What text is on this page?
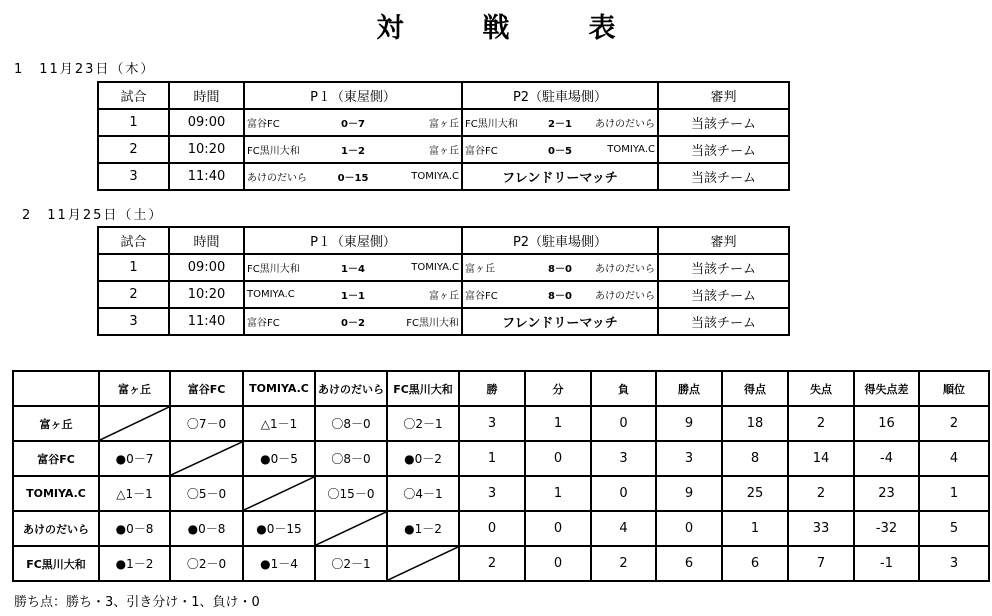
対　戦　表
1　11月23日（木）
試合	時間	P１（東屋側）	P2（駐車場側）	審判
1	09:00	富谷FC 0－7 富ヶ丘	FC黒川大和 2－1 あけのだいら	当該チーム
2	10:20	FC黒川大和 1－2 富ヶ丘	富谷FC 0－5 TOMIYA.C	当該チーム
3	11:40	あけのだいら 0－15 TOMIYA.C	フレンドリーマッチ	当該チーム
2　11月25日（土）
試合	時間	P１（東屋側）	P2（駐車場側）	審判
1	09:00	FC黒川大和 1－4 TOMIYA.C	富ヶ丘 8－0 あけのだいら	当該チーム
2	10:20	TOMIYA.C 1－1 富ヶ丘	富谷FC 8－0 あけのだいら	当該チーム
3	11:40	富谷FC 0－2 FC黒川大和	フレンドリーマッチ	当該チーム
	富ヶ丘	富谷FC	TOMIYA.C	あけのだいら	FC黒川大和	勝	分	負	勝点	得点	失点	得失点差	順位
富ヶ丘		〇7－0	△1－1	〇8－0	〇2－1	3	1	0	9	18	2	16	2
富谷FC	●0－7		●0－5	〇8－0	●0－2	1	0	3	3	8	14	-4	4
TOMIYA.C	△1－1	〇5－0		〇15－0	〇4－1	3	1	0	9	25	2	23	1
あけのだいら	●0－8	●0－8	●0－15		●1－2	0	0	4	0	1	33	-32	5
FC黒川大和	●1－2	〇2－0	●1－4	〇2－1		2	0	2	6	6	7	-1	3
勝ち点：勝ち・3、引き分け・1、負け・0
